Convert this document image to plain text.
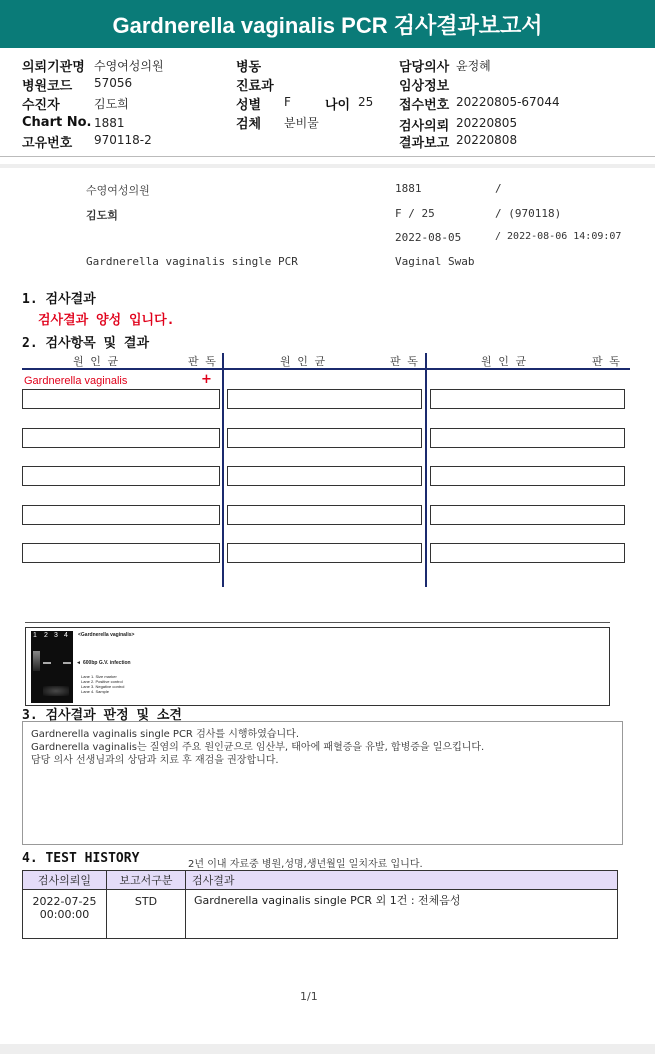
Gardnerella vaginalis PCR 검사결과보고서
의뢰기관명 수영여성의원
병원코드 57056
수진자	김도희
Chart No. 1881
고유번호 970118-2
병동
진료과
성별 F	나이 25
검체 분비물
담당의사 윤정혜
임상정보
접수번호 20220805-67044
검사의뢰 20220805
결과보고 20220808
수영여성의원	1881	/
김도희	F / 25	/ (970118)
2022-08-05	/ 2022-08-06 14:09:07
Gardnerella vaginalis single PCR	Vaginal Swab
1. 검사결과
검사결과 양성 입니다.
2. 검사항목 및 결과
원 인 균	판 독	원 인 균	판 독	원 인 균	판 독
Gardnerella vaginalis	+
1 2 3 4 <Gardnerella vaginalis>
◄ 600bp G.V. infection
Lane 1. Size marker
Lane 2. Positive control
Lane 3. Negative control
Lane 4. Sample
3. 검사결과 판정 및 소견
Gardnerella vaginalis single PCR 검사를 시행하였습니다.
Gardnerella vaginalis는 질염의 주요 원인균으로 임산부, 태아에 패혈증을 유발, 합병증을 일으킵니다.
담당 의사 선생님과의 상담과 치료 후 재검을 권장합니다.
4. TEST HISTORY	2년 이내 자료중 병원,성명,생년월일 일치자료 입니다.
검사의뢰일	보고서구분	검사결과

2022-07-25
00:00:00	STD	Gardnerella vaginalis single PCR 외 1건 : 전체음성
1/1
